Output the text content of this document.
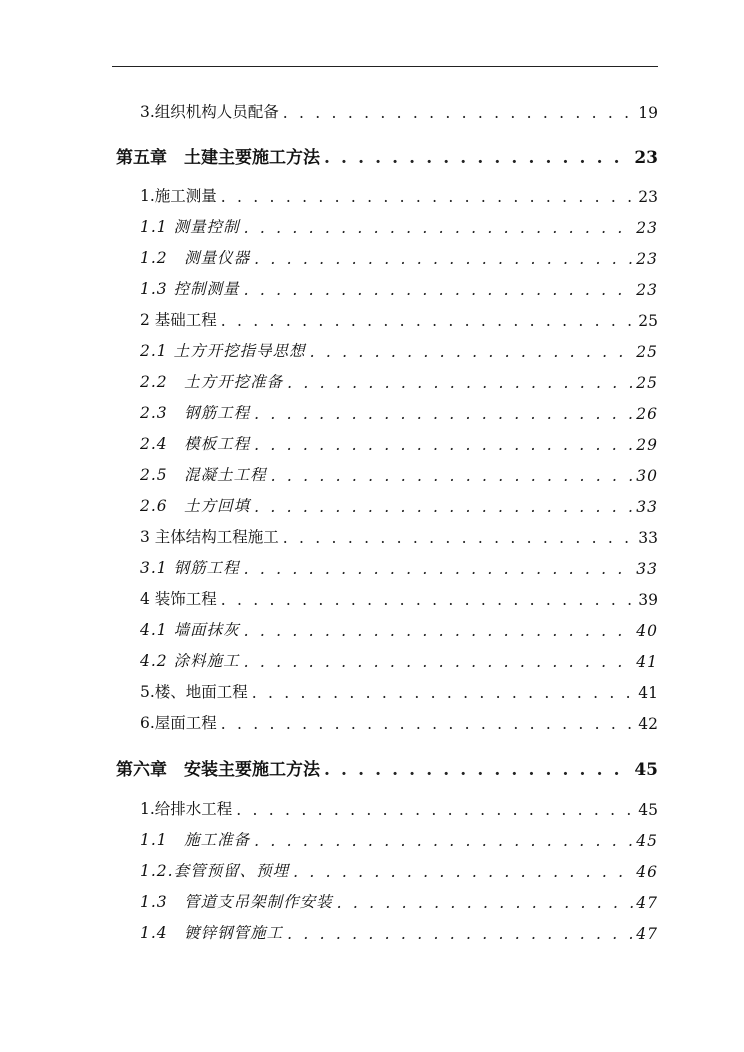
3.组织机构人员配备 . . .	19
第五章　土建主要施工方法 . . .	23
1.施工测量 . . .	23
1.1 测量控制 . . .	23
1.2　测量仪器 . . .	23
1.3 控制测量 . . .	23
2 基础工程 . . .	25
2.1 土方开挖指导思想 . . .	25
2.2　土方开挖准备 . . .	25
2.3　钢筋工程 . . .	26
2.4　模板工程 . . .	29
2.5　混凝土工程 . . .	30
2.6　土方回填 . . .	33
3 主体结构工程施工 . . .	33
3.1 钢筋工程 . . .	33
4 装饰工程 . . .	39
4.1 墙面抹灰 . . .	40
4.2 涂料施工 . . .	41
5.楼、地面工程 . . .	41
6.屋面工程 . . .	42
第六章　安装主要施工方法 . . .	45
1.给排水工程 . . .	45
1.1　施工准备 . . .	45
1.2.套管预留、预埋 . . .	46
1.3　管道支吊架制作安装 . . .	47
1.4　镀锌钢管施工 . . .	47
